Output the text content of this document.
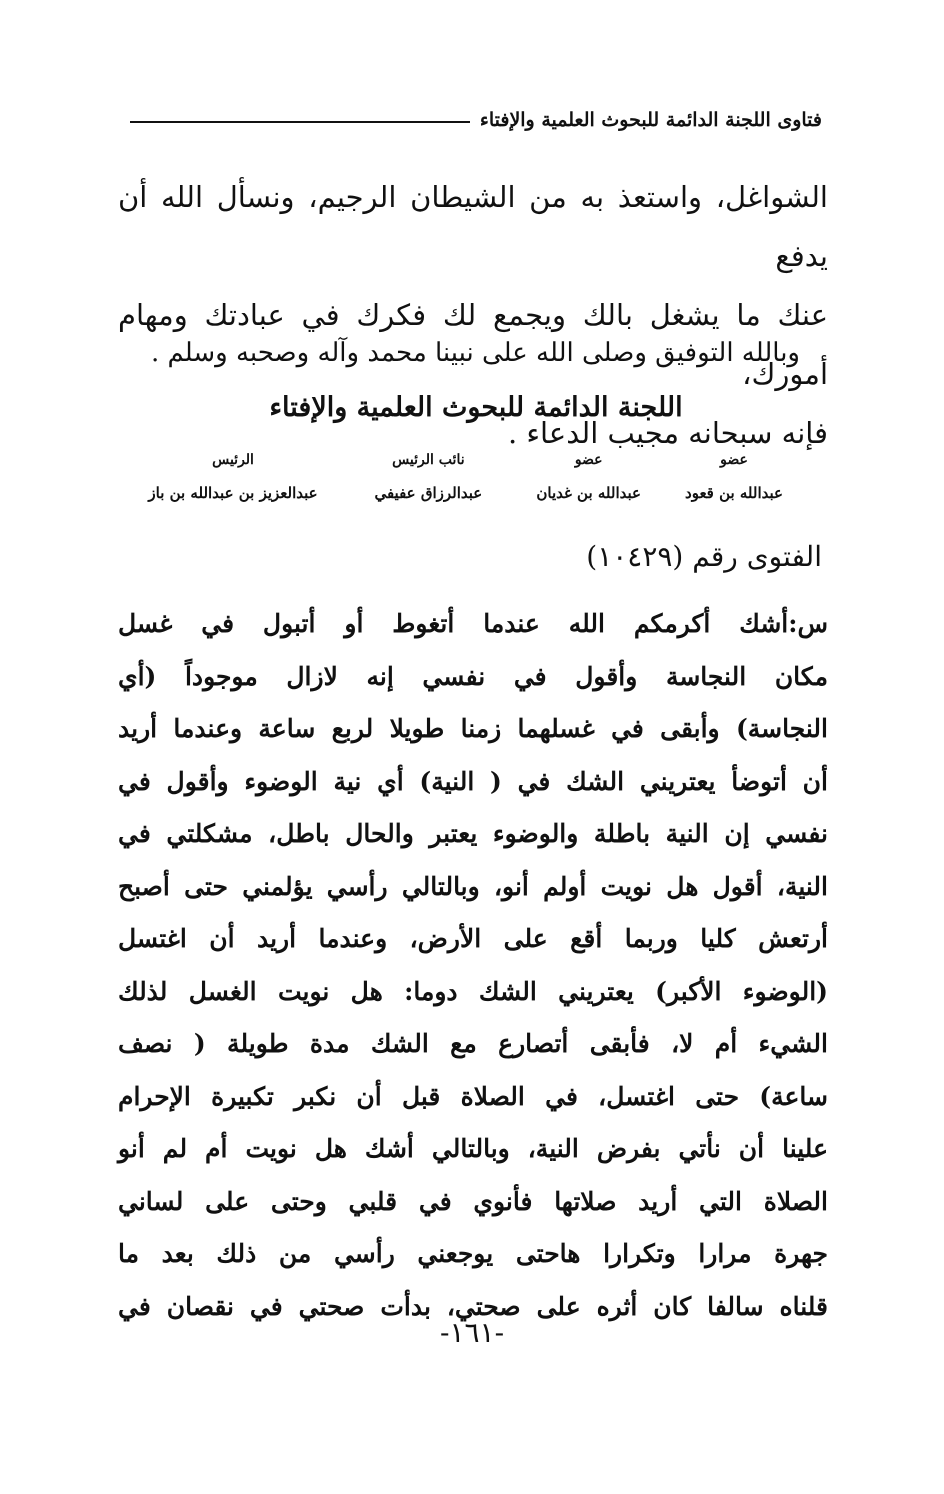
فتاوى اللجنة الدائمة للبحوث العلمية والإفتاء

الشواغل، واستعذ به من الشيطان الرجيم، ونسأل الله أن يدفع

عنك ما يشغل بالك ويجمع لك فكرك في عبادتك ومهام أمورك،

فإنه سبحانه مجيب الدعاء .

وبالله التوفيق وصلى الله على نبينا محمد وآله وصحبه وسلم .
اللجنة الدائمة للبحوث العلمية والإفتاء
عضو
عبدالله بن قعود
عضو
عبدالله بن غديان
نائب الرئيس
عبدالرزاق عفيفي
الرئيس
عبدالعزيز بن عبدالله بن باز
الفتوى رقم (١٠٤٢٩)

س:أشك أكرمكم الله عندما أتغوط أو أتبول في غسل

مكان النجاسة وأقول في نفسي إنه لازال موجوداً (أي

النجاسة) وأبقى في غسلهما زمنا طويلا لربع ساعة وعندما أريد

أن أتوضأ يعتريني الشك في ( النية) أي نية الوضوء وأقول في

نفسي إن النية باطلة والوضوء يعتبر والحال باطل، مشكلتي في

النية، أقول هل نويت أولم أنو، وبالتالي رأسي يؤلمني حتى أصبح

أرتعش كليا وربما أقع على الأرض، وعندما أريد أن اغتسل

(الوضوء الأكبر) يعتريني الشك دوما: هل نويت الغسل لذلك

الشيء أم لا، فأبقى أتصارع مع الشك مدة طويلة ( نصف

ساعة) حتى اغتسل، في الصلاة قبل أن نكبر تكبيرة الإحرام

علينا أن نأتي بفرض النية، وبالتالي أشك هل نويت أم لم أنو

الصلاة التي أريد صلاتها فأنوي في قلبي وحتى على لساني

جهرة مرارا وتكرارا هاحتى يوجعني رأسي من ذلك بعد ما

قلناه سالفا كان أثره على صحتي، بدأت صحتي في نقصان في

-١٦١-
